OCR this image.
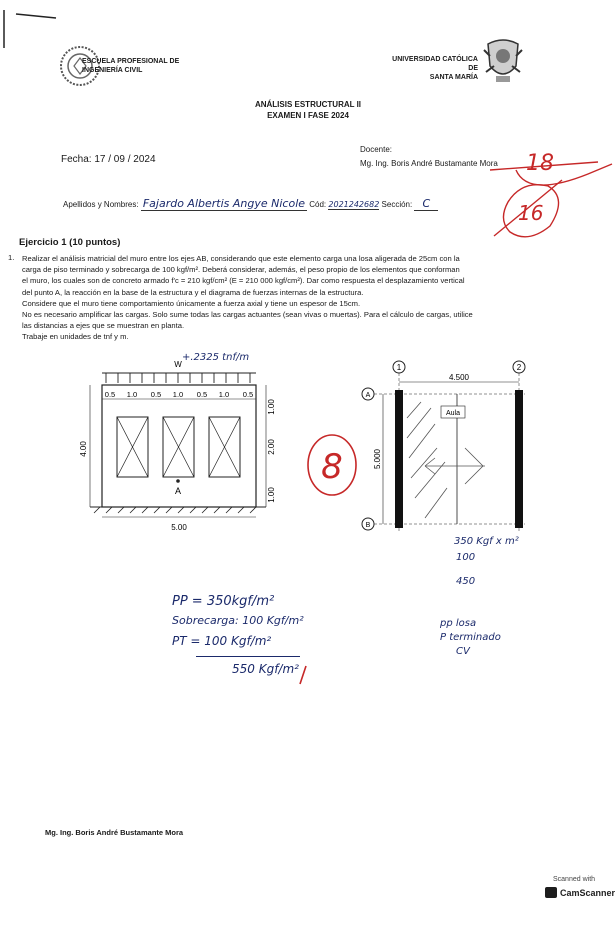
ESCUELA PROFESIONAL DE
INGENIERÍA CIVIL
UNIVERSIDAD CATÓLICA DE
SANTA MARÍA
ANÁLISIS ESTRUCTURAL II
EXAMEN I FASE 2024
Fecha: 17 / 09 / 2024
Docente:
Mg. Ing. Boris André Bustamante Mora 18
16
Apellidos y Nombres: Fajardo Albertis Angye Nicole Cód: 2021242682 Sección: C
Ejercicio 1 (10 puntos)
1. Realizar el análisis matricial del muro entre los ejes AB, considerando que este elemento carga una losa aligerada de 25cm con la
carga de piso terminado y sobrecarga de 100 kgf/m². Deberá considerar, además, el peso propio de los elementos que conforman
el muro, los cuales son de concreto armado f'c = 210 kgf/cm² (E = 210 000 kgf/cm²). Dar como respuesta el desplazamiento vertical
del punto A, la reacción en la base de la estructura y el diagrama de fuerzas internas de la estructura.
Considere que el muro tiene comportamiento únicamente a fuerza axial y tiene un espesor de 15cm.
No es necesario amplificar las cargas. Solo sume todas las cargas actuantes (sean vivas o muertas). Para el cálculo de cargas, utilice
las distancias a ejes que se muestran en planta.
Trabaje en unidades de tnf y m.
+.2325 tnf/m
W
0.5 1.0 0.5 1.0 0.5 1.0 0.5
1.00
2.00
1.00
4.00
A
5.00
8
1	2
4.500
A
B
5.000
Aula
350 Kgf x m²
100
450
PP = 350kgf/m²
Sobrecarga: 100 Kgf/m²
PT = 100 Kgf/m²
550 Kgf/m²
pp losa
P terminado
CV
Mg. Ing. Boris André Bustamante Mora
Scanned with
CamScanner
